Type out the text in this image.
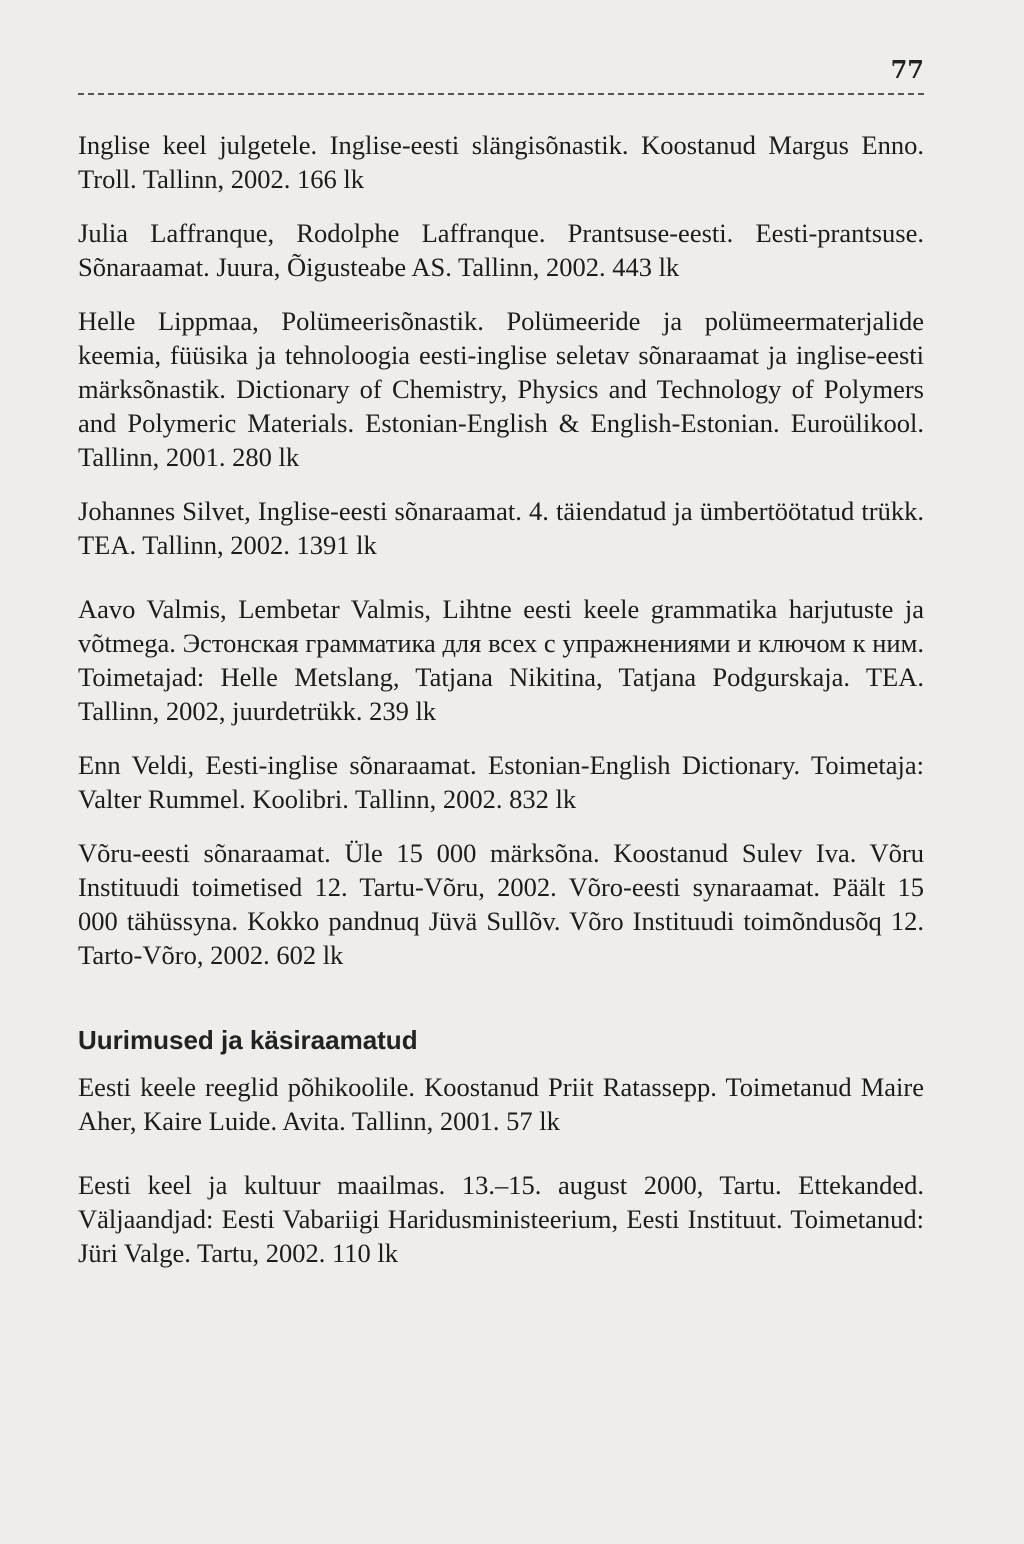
77

Inglise keel julgetele. Inglise-eesti slängisõnastik. Koostanud Margus Enno. Troll. Tallinn, 2002. 166 lk

Julia Laffranque, Rodolphe Laffranque. Prantsuse-eesti. Eesti-prantsuse. Sõnaraamat. Juura, Õigusteabe AS. Tallinn, 2002. 443 lk

Helle Lippmaa, Polümeerisõnastik. Polümeeride ja polümeermaterjalide keemia, füüsika ja tehnoloogia eesti-inglise seletav sõnaraamat ja inglise-eesti märksõnastik. Dictionary of Chemistry, Physics and Technology of Polymers and Polymeric Materials. Estonian-English & English-Estonian. Euroülikool. Tallinn, 2001. 280 lk

Johannes Silvet, Inglise-eesti sõnaraamat. 4. täiendatud ja ümbertöötatud trükk. TEA. Tallinn, 2002. 1391 lk

Aavo Valmis, Lembetar Valmis, Lihtne eesti keele grammatika harjutuste ja võtmega. Эстонская грамматика для всех с упражнениями и ключом к ним. Toimetajad: Helle Metslang, Tatjana Nikitina, Tatjana Podgurskaja. TEA. Tallinn, 2002, juurdetrükk. 239 lk

Enn Veldi, Eesti-inglise sõnaraamat. Estonian-English Dictionary. Toimetaja: Valter Rummel. Koolibri. Tallinn, 2002. 832 lk

Võru-eesti sõnaraamat. Üle 15 000 märksõna. Koostanud Sulev Iva. Võru Instituudi toimetised 12. Tartu-Võru, 2002. Võro-eesti synaraamat. Päält 15 000 tähüssyna. Kokko pandnuq Jüvä Sullõv. Võro Instituudi toimõndusõq 12. Tarto-Võro, 2002. 602 lk

Uurimused ja käsiraamatud

Eesti keele reeglid põhikoolile. Koostanud Priit Ratassepp. Toimetanud Maire Aher, Kaire Luide. Avita. Tallinn, 2001. 57 lk

Eesti keel ja kultuur maailmas. 13.–15. august 2000, Tartu. Ettekanded. Väljaandjad: Eesti Vabariigi Haridusministeerium, Eesti Instituut. Toimetanud: Jüri Valge. Tartu, 2002. 110 lk
